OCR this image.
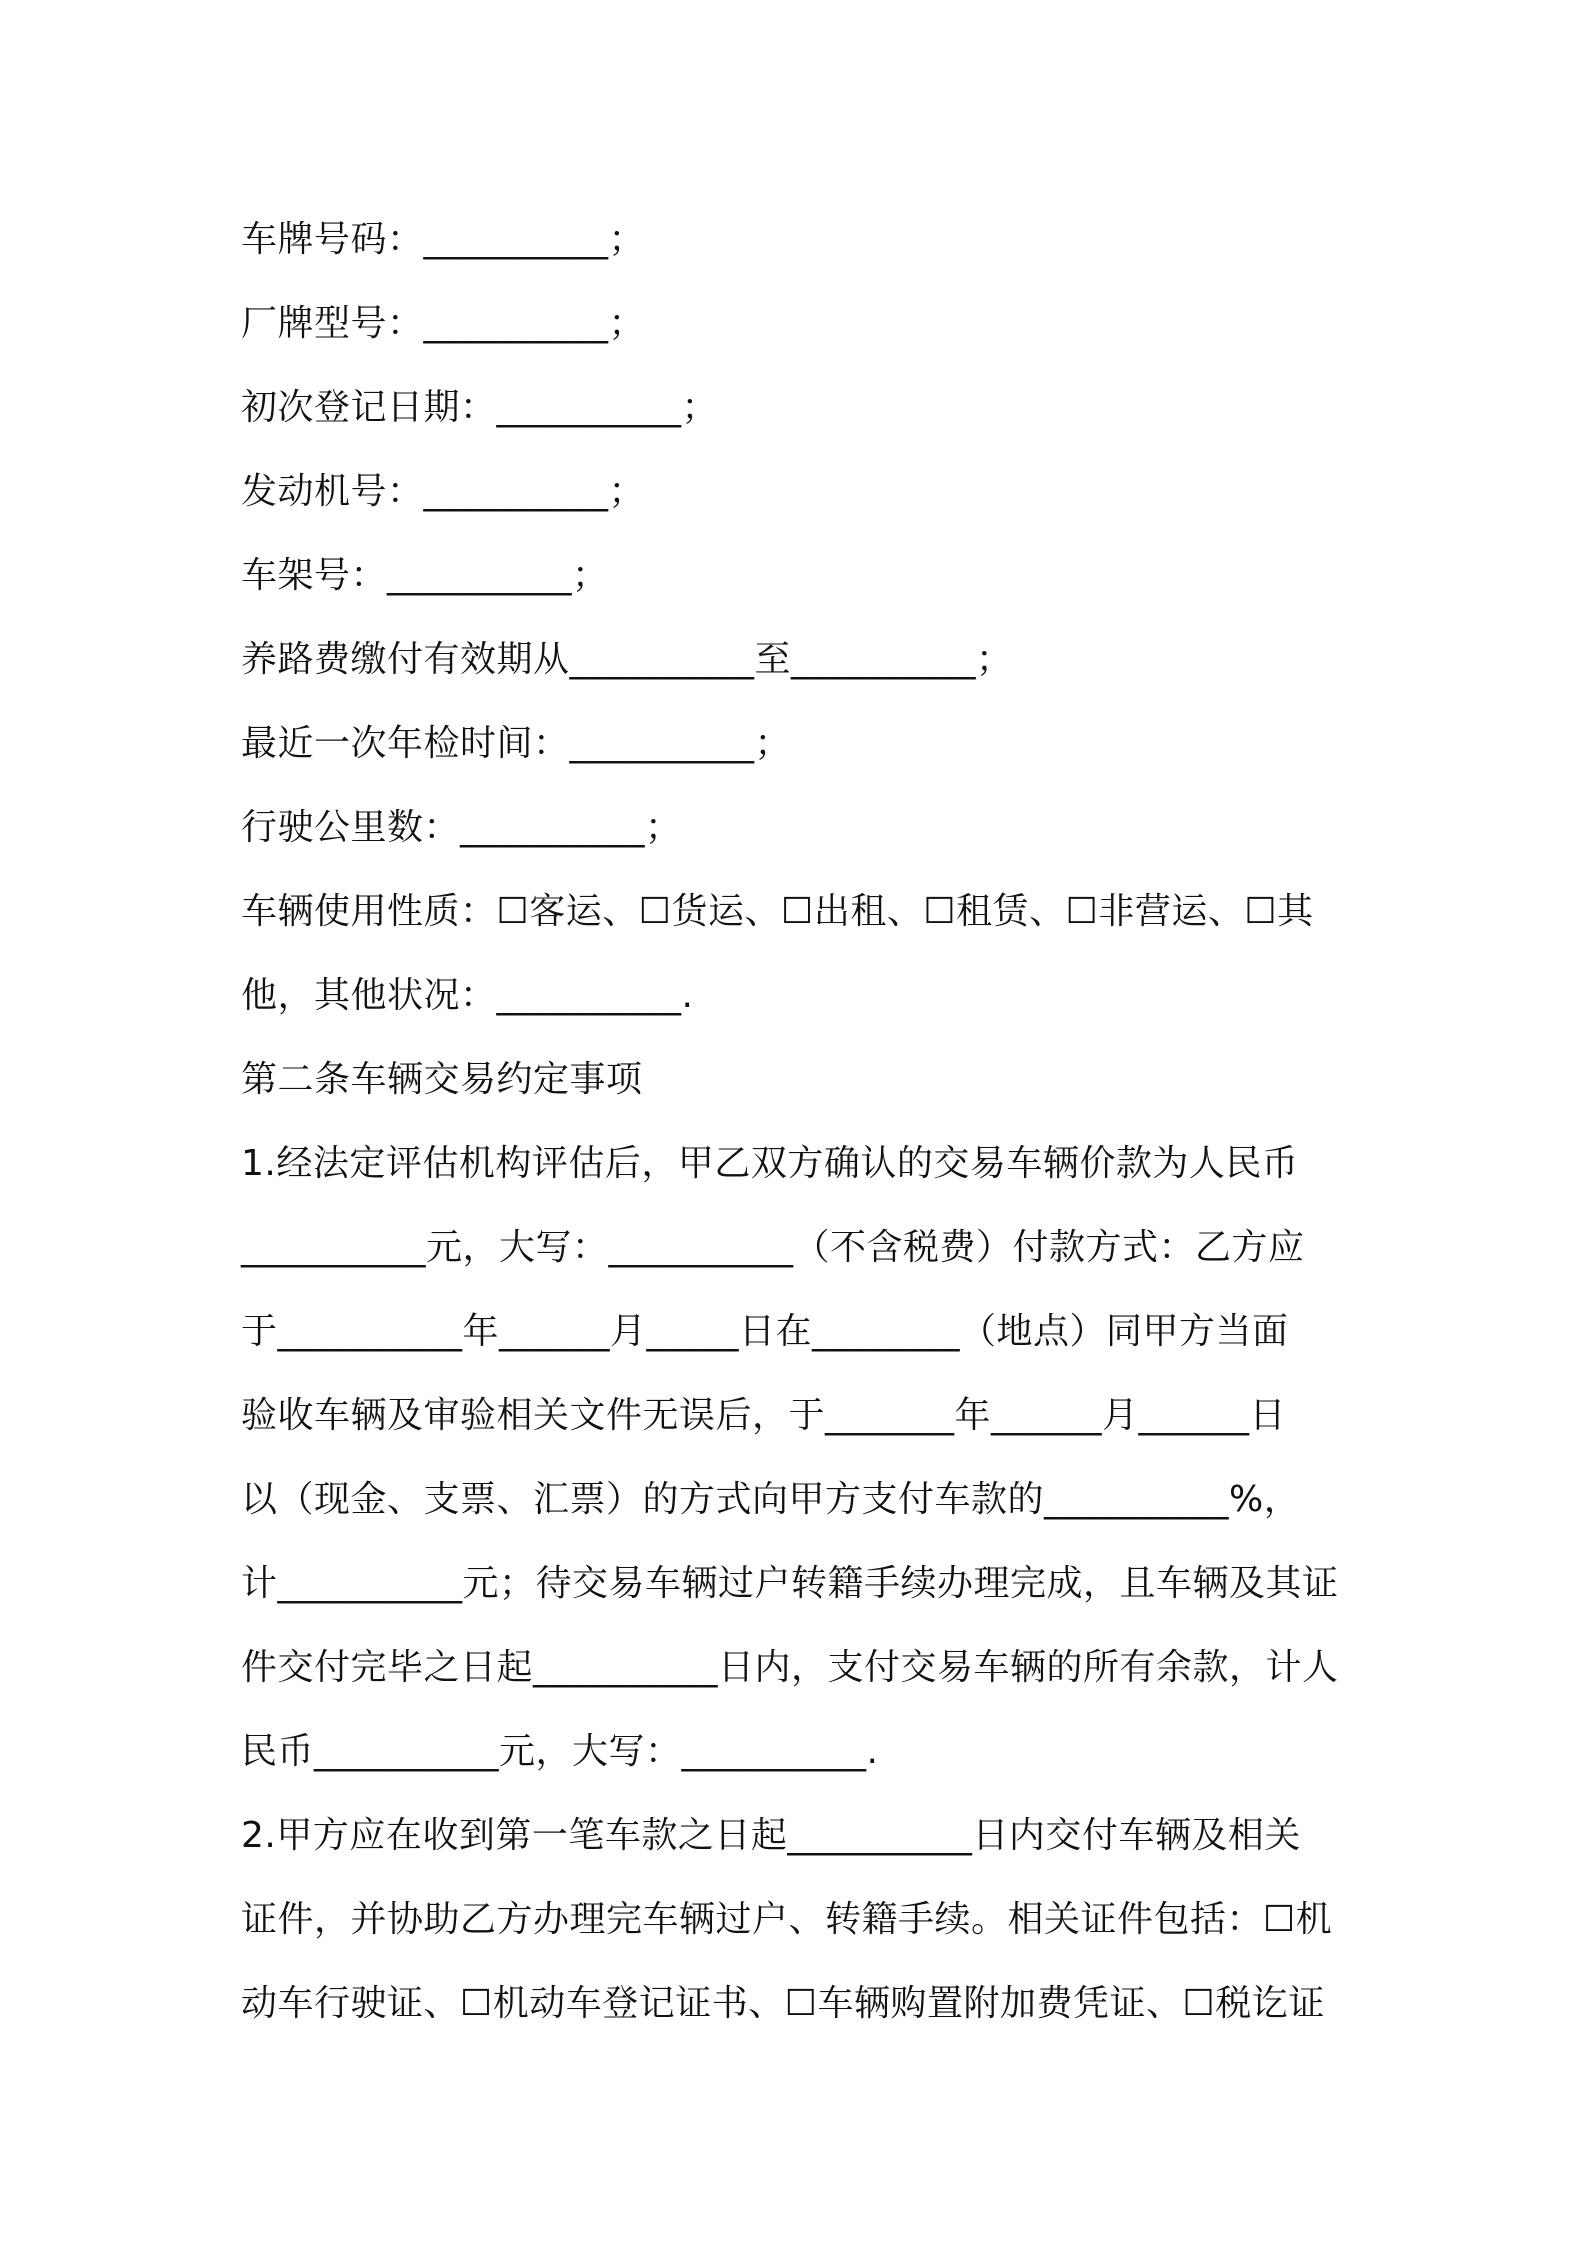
车牌号码：__________；
厂牌型号：__________；
初次登记日期：__________；
发动机号：__________；
车架号：__________；
养路费缴付有效期从__________至__________；
最近一次年检时间：__________；
行驶公里数：__________；
车辆使用性质：☐客运、☐货运、☐出租、☐租赁、☐非营运、☐其
他，其他状况：__________.
第二条车辆交易约定事项
1.经法定评估机构评估后，甲乙双方确认的交易车辆价款为人民币
__________元，大写：__________（不含税费）付款方式：乙方应
于__________年______月_____日在________（地点）同甲方当面
验收车辆及审验相关文件无误后，于_______年______月______日
以（现金、支票、汇票）的方式向甲方支付车款的__________%，
计__________元；待交易车辆过户转籍手续办理完成，且车辆及其证
件交付完毕之日起__________日内，支付交易车辆的所有余款，计人
民币__________元，大写：__________.
2.甲方应在收到第一笔车款之日起__________日内交付车辆及相关
证件，并协助乙方办理完车辆过户、转籍手续。相关证件包括：☐机
动车行驶证、☐机动车登记证书、☐车辆购置附加费凭证、☐税讫证
